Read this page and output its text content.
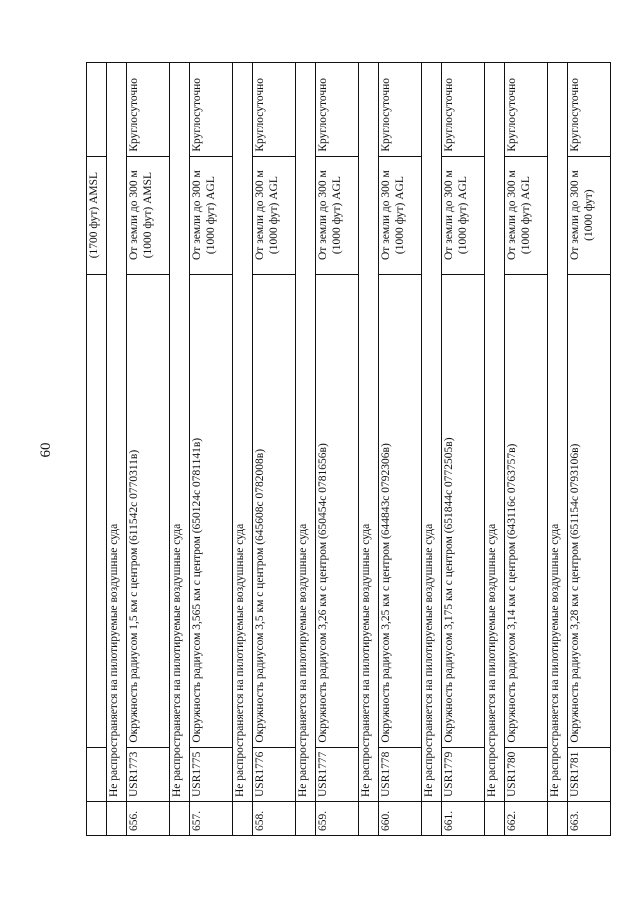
60
			(1700 фут) AMSL	
	Не распространяется на пилотируемые воздушные суда			
656.	USR1773	Окружность радиусом 1,5 км с центром (611542с 0770311в)	От земли до 300 м (1000 фут) AMSL	Круглосуточно
	Не распространяется на пилотируемые воздушные суда			
657.	USR1775	Окружность радиусом 3,565 км с центром (650124с 0781141в)	От земли до 300 м (1000 фут) AGL	Круглосуточно
	Не распространяется на пилотируемые воздушные суда			
658.	USR1776	Окружность радиусом 3,5 км с центром (645608с 0782008в)	От земли до 300 м (1000 фут) AGL	Круглосуточно
	Не распространяется на пилотируемые воздушные суда			
659.	USR1777	Окружность радиусом 3,26 км с центром (650454с 0781656в)	От земли до 300 м (1000 фут) AGL	Круглосуточно
	Не распространяется на пилотируемые воздушные суда			
660.	USR1778	Окружность радиусом 3,25 км с центром (644843с 0792306в)	От земли до 300 м (1000 фут) AGL	Круглосуточно
	Не распространяется на пилотируемые воздушные суда			
661.	USR1779	Окружность радиусом 3,175 км с центром (651844с 0772505в)	От земли до 300 м (1000 фут) AGL	Круглосуточно
	Не распространяется на пилотируемые воздушные суда			
662.	USR1780	Окружность радиусом 3,14 км с центром (643116с 0763757в)	От земли до 300 м (1000 фут) AGL	Круглосуточно
	Не распространяется на пилотируемые воздушные суда			
663.	USR1781	Окружность радиусом 3,28 км с центром (651154с 0793106в)	От земли до 300 м (1000 фут)	Круглосуточно
